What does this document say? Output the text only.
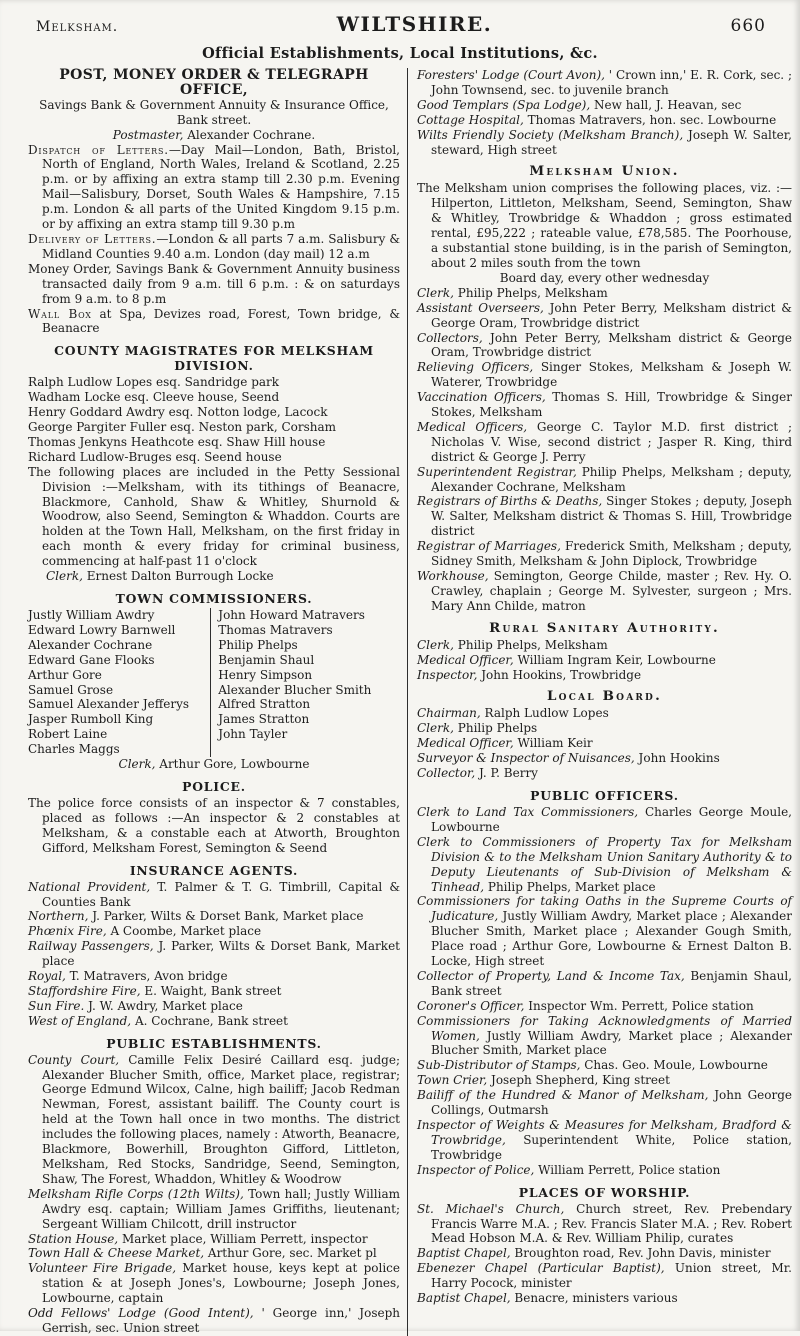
Melksham.	WILTSHIRE.	660
Official Establishments, Local Institutions, &c.

POST, MONEY ORDER & TELEGRAPH OFFICE,
Savings Bank & Government Annuity & Insurance Office, Bank street.

Postmaster, Alexander Cochrane.

Dispatch of Letters.—Day Mail—London, Bath, Bristol, North of England, North Wales, Ireland & Scotland, 2.25 p.m. or by affixing an extra stamp till 2.30 p.m. Evening Mail—Salisbury, Dorset, South Wales & Hampshire, 7.15 p.m. London & all parts of the United Kingdom 9.15 p.m. or by affixing an extra stamp till 9.30 p.m

Delivery of Letters.—London & all parts 7 a.m. Salisbury & Midland Counties 9.40 a.m. London (day mail) 12 a.m

Money Order, Savings Bank & Government Annuity business transacted daily from 9 a.m. till 6 p.m. : & on saturdays from 9 a.m. to 8 p.m

Wall Box at Spa, Devizes road, Forest, Town bridge, & Beanacre

COUNTY MAGISTRATES FOR MELKSHAM DIVISION.

Ralph Ludlow Lopes esq. Sandridge park

Wadham Locke esq. Cleeve house, Seend

Henry Goddard Awdry esq. Notton lodge, Lacock

George Pargiter Fuller esq. Neston park, Corsham

Thomas Jenkyns Heathcote esq. Shaw Hill house

Richard Ludlow-Bruges esq. Seend house

The following places are included in the Petty Sessional Division :—Melksham, with its tithings of Beanacre, Blackmore, Canhold, Shaw & Whitley, Shurnold & Woodrow, also Seend, Semington & Whaddon. Courts are holden at the Town Hall, Melksham, on the first friday in each month & every friday for criminal business, commencing at half-past 11 o'clock

Clerk, Ernest Dalton Burrough Locke

TOWN COMMISSIONERS.
Justly William Awdry
Edward Lowry Barnwell
Alexander Cochrane
Edward Gane Flooks
Arthur Gore
Samuel Grose
Samuel Alexander Jefferys
Jasper Rumboll King
Robert Laine
Charles Maggs
John Howard Matravers
Thomas Matravers
Philip Phelps
Benjamin Shaul
Henry Simpson
Alexander Blucher Smith
Alfred Stratton
James Stratton
John Tayler

Clerk, Arthur Gore, Lowbourne

POLICE.

The police force consists of an inspector & 7 constables, placed as follows :—An inspector & 2 constables at Melksham, & a constable each at Atworth, Broughton Gifford, Melksham Forest, Semington & Seend

INSURANCE AGENTS.

National Provident, T. Palmer & T. G. Timbrill, Capital & Counties Bank

Northern, J. Parker, Wilts & Dorset Bank, Market place

Phœnix Fire, A Coombe, Market place

Railway Passengers, J. Parker, Wilts & Dorset Bank, Market place

Royal, T. Matravers, Avon bridge

Staffordshire Fire, E. Waight, Bank street

Sun Fire. J. W. Awdry, Market place

West of England, A. Cochrane, Bank street

PUBLIC ESTABLISHMENTS.

County Court, Camille Felix Desiré Caillard esq. judge; Alexander Blucher Smith, office, Market place, registrar; George Edmund Wilcox, Calne, high bailiff; Jacob Redman Newman, Forest, assistant bailiff. The County court is held at the Town hall once in two months. The district includes the following places, namely : Atworth, Beanacre, Blackmore, Bowerhill, Broughton Gifford, Littleton, Melksham, Red Stocks, Sandridge, Seend, Semington, Shaw, The Forest, Whaddon, Whitley & Woodrow

Melksham Rifle Corps (12th Wilts), Town hall; Justly William Awdry esq. captain; William James Griffiths, lieutenant; Sergeant William Chilcott, drill instructor

Station House, Market place, William Perrett, inspector

Town Hall & Cheese Market, Arthur Gore, sec. Market pl

Volunteer Fire Brigade, Market house, keys kept at police station & at Joseph Jones's, Lowbourne; Joseph Jones, Lowbourne, captain

Odd Fellows' Lodge (Good Intent), ' George inn,' Joseph Gerrish, sec. Union street

Foresters' Lodge (Court Avon), ' Crown inn,' E. R. Cork, sec. ; John Townsend, sec. to juvenile branch

Good Templars (Spa Lodge), New hall, J. Heavan, sec

Cottage Hospital, Thomas Matravers, hon. sec. Lowbourne

Wilts Friendly Society (Melksham Branch), Joseph W. Salter, steward, High street

Melksham Union.

The Melksham union comprises the following places, viz. :—Hilperton, Littleton, Melksham, Seend, Semington, Shaw & Whitley, Trowbridge & Whaddon ; gross estimated rental, £95,222 ; rateable value, £78,585. The Poorhouse, a substantial stone building, is in the parish of Semington, about 2 miles south from the town

Board day, every other wednesday

Clerk, Philip Phelps, Melksham

Assistant Overseers, John Peter Berry, Melksham district & George Oram, Trowbridge district

Collectors, John Peter Berry, Melksham district & George Oram, Trowbridge district

Relieving Officers, Singer Stokes, Melksham & Joseph W. Waterer, Trowbridge

Vaccination Officers, Thomas S. Hill, Trowbridge & Singer Stokes, Melksham

Medical Officers, George C. Taylor M.D. first district ; Nicholas V. Wise, second district ; Jasper R. King, third district & George J. Perry

Superintendent Registrar, Philip Phelps, Melksham ; deputy, Alexander Cochrane, Melksham

Registrars of Births & Deaths, Singer Stokes ; deputy, Joseph W. Salter, Melksham district & Thomas S. Hill, Trowbridge district

Registrar of Marriages, Frederick Smith, Melksham ; deputy, Sidney Smith, Melksham & John Diplock, Trowbridge

Workhouse, Semington, George Childe, master ; Rev. Hy. O. Crawley, chaplain ; George M. Sylvester, surgeon ; Mrs. Mary Ann Childe, matron

Rural Sanitary Authority.

Clerk, Philip Phelps, Melksham

Medical Officer, William Ingram Keir, Lowbourne

Inspector, John Hookins, Trowbridge

Local Board.

Chairman, Ralph Ludlow Lopes

Clerk, Philip Phelps

Medical Officer, William Keir

Surveyor & Inspector of Nuisances, John Hookins

Collector, J. P. Berry

PUBLIC OFFICERS.

Clerk to Land Tax Commissioners, Charles George Moule, Lowbourne

Clerk to Commissioners of Property Tax for Melksham Division & to the Melksham Union Sanitary Authority & to Deputy Lieutenants of Sub-Division of Melksham & Tinhead, Philip Phelps, Market place

Commissioners for taking Oaths in the Supreme Courts of Judicature, Justly William Awdry, Market place ; Alexander Blucher Smith, Market place ; Alexander Gough Smith, Place road ; Arthur Gore, Lowbourne & Ernest Dalton B. Locke, High street

Collector of Property, Land & Income Tax, Benjamin Shaul, Bank street

Coroner's Officer, Inspector Wm. Perrett, Police station

Commissioners for Taking Acknowledgments of Married Women, Justly William Awdry, Market place ; Alexander Blucher Smith, Market place

Sub-Distributor of Stamps, Chas. Geo. Moule, Lowbourne

Town Crier, Joseph Shepherd, King street

Bailiff of the Hundred & Manor of Melksham, John George Collings, Outmarsh

Inspector of Weights & Measures for Melksham, Bradford & Trowbridge, Superintendent White, Police station, Trowbridge

Inspector of Police, William Perrett, Police station

PLACES OF WORSHIP.

St. Michael's Church, Church street, Rev. Prebendary Francis Warre M.A. ; Rev. Francis Slater M.A. ; Rev. Robert Mead Hobson M.A. & Rev. William Philip, curates

Baptist Chapel, Broughton road, Rev. John Davis, minister

Ebenezer Chapel (Particular Baptist), Union street, Mr. Harry Pocock, minister

Baptist Chapel, Benacre, ministers various
